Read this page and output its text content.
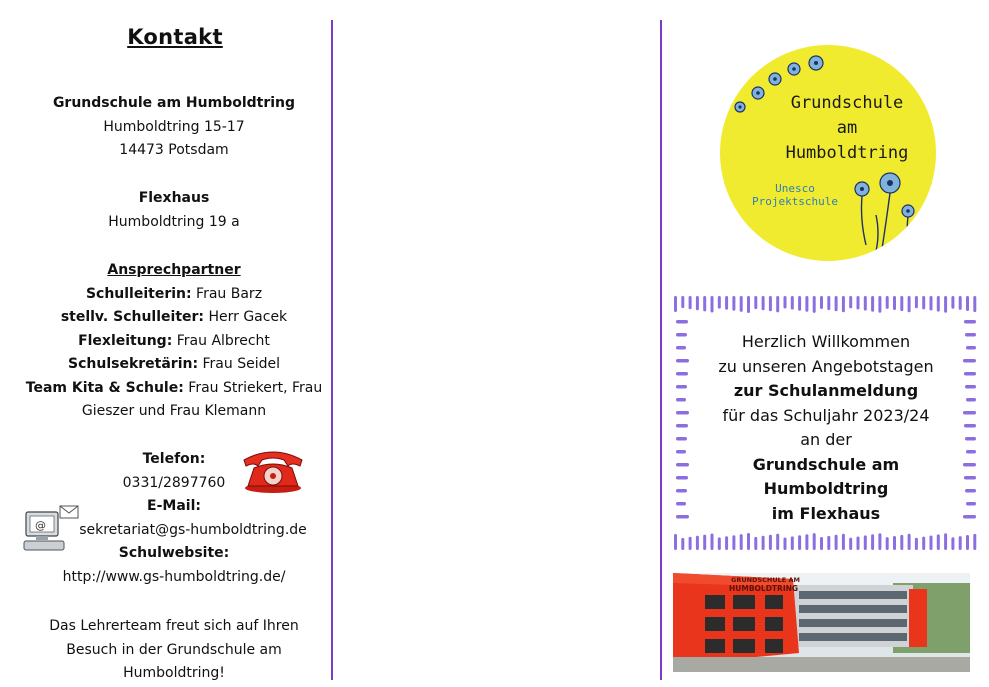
Kontakt
Grundschule am Humboldtring
Humboldtring 15-17
14473 Potsdam
Flexhaus
Humboldtring 19 a
Ansprechpartner
Schulleiterin: Frau Barz
stellv. Schulleiter: Herr Gacek
Flexleitung: Frau Albrecht
Schulsekretärin: Frau Seidel
Team Kita & Schule: Frau Striekert, Frau
Gieszer und Frau Klemann
Telefon:
0331/2897760
E-Mail:
sekretariat@gs-humboldtring.de
Schulwebsite:
http://www.gs-humboldtring.de/
Das Lehrerteam freut sich auf Ihren
Besuch in der Grundschule am
Humboldtring!
@
Grundschule
am
Humboldtring
Unesco
Projektschule
Herzlich Willkommen
zu unseren Angebotstagen
zur Schulanmeldung
für das Schuljahr 2023/24
an der
Grundschule am
Humboldtring
im Flexhaus
GRUNDSCHULE AM
HUMBOLDTRING
